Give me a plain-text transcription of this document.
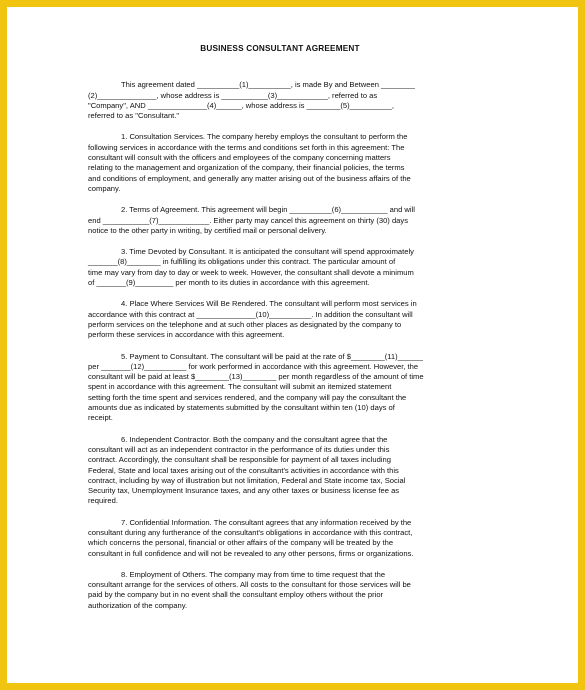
BUSINESS CONSULTANT AGREEMENT
This agreement dated __________(1)__________, is made By and Between ________
(2)______________, whose address is ___________(3)____________, referred to as
"Company", AND ______________(4)______, whose address is ________(5)__________,
referred to as "Consultant."
1. Consultation Services. The company hereby employs the consultant to perform the
following services in accordance with the terms and conditions set forth in this agreement: The
consultant will consult with the officers and employees of the company concerning matters
relating to the management and organization of the company, their financial policies, the terms
and conditions of employment, and generally any matter arising out of the business affairs of the
company.
2. Terms of Agreement. This agreement will begin __________(6)___________ and will
end ___________(7)____________. Either party may cancel this agreement on thirty (30) days
notice to the other party in writing, by certified mail or personal delivery.
3. Time Devoted by Consultant. It is anticipated the consultant will spend approximately
_______(8)________ in fulfilling its obligations under this contract. The particular amount of
time may vary from day to day or week to week. However, the consultant shall devote a minimum
of _______(9)_________ per month to its duties in accordance with this agreement.
4. Place Where Services Will Be Rendered. The consultant will perform most services in
accordance with this contract at ______________(10)__________. In addition the consultant will
perform services on the telephone and at such other places as designated by the company to
perform these services in accordance with this agreement.
5. Payment to Consultant. The consultant will be paid at the rate of $________(11)______
per _______(12)__________ for work performed in accordance with this agreement. However, the
consultant will be paid at least $________(13)________ per month regardless of the amount of time
spent in accordance with this agreement. The consultant will submit an itemized statement
setting forth the time spent and services rendered, and the company will pay the consultant the
amounts due as indicated by statements submitted by the consultant within ten (10) days of
receipt.
6. Independent Contractor. Both the company and the consultant agree that the
consultant will act as an independent contractor in the performance of its duties under this
contract. Accordingly, the consultant shall be responsible for payment of all taxes including
Federal, State and local taxes arising out of the consultant's activities in accordance with this
contract, including by way of illustration but not limitation, Federal and State income tax, Social
Security tax, Unemployment Insurance taxes, and any other taxes or business license fee as
required.
7. Confidential Information. The consultant agrees that any information received by the
consultant during any furtherance of the consultant's obligations in accordance with this contract,
which concerns the personal, financial or other affairs of the company will be treated by the
consultant in full confidence and will not be revealed to any other persons, firms or organizations.
8. Employment of Others. The company may from time to time request that the
consultant arrange for the services of others. All costs to the consultant for those services will be
paid by the company but in no event shall the consultant employ others without the prior
authorization of the company.
